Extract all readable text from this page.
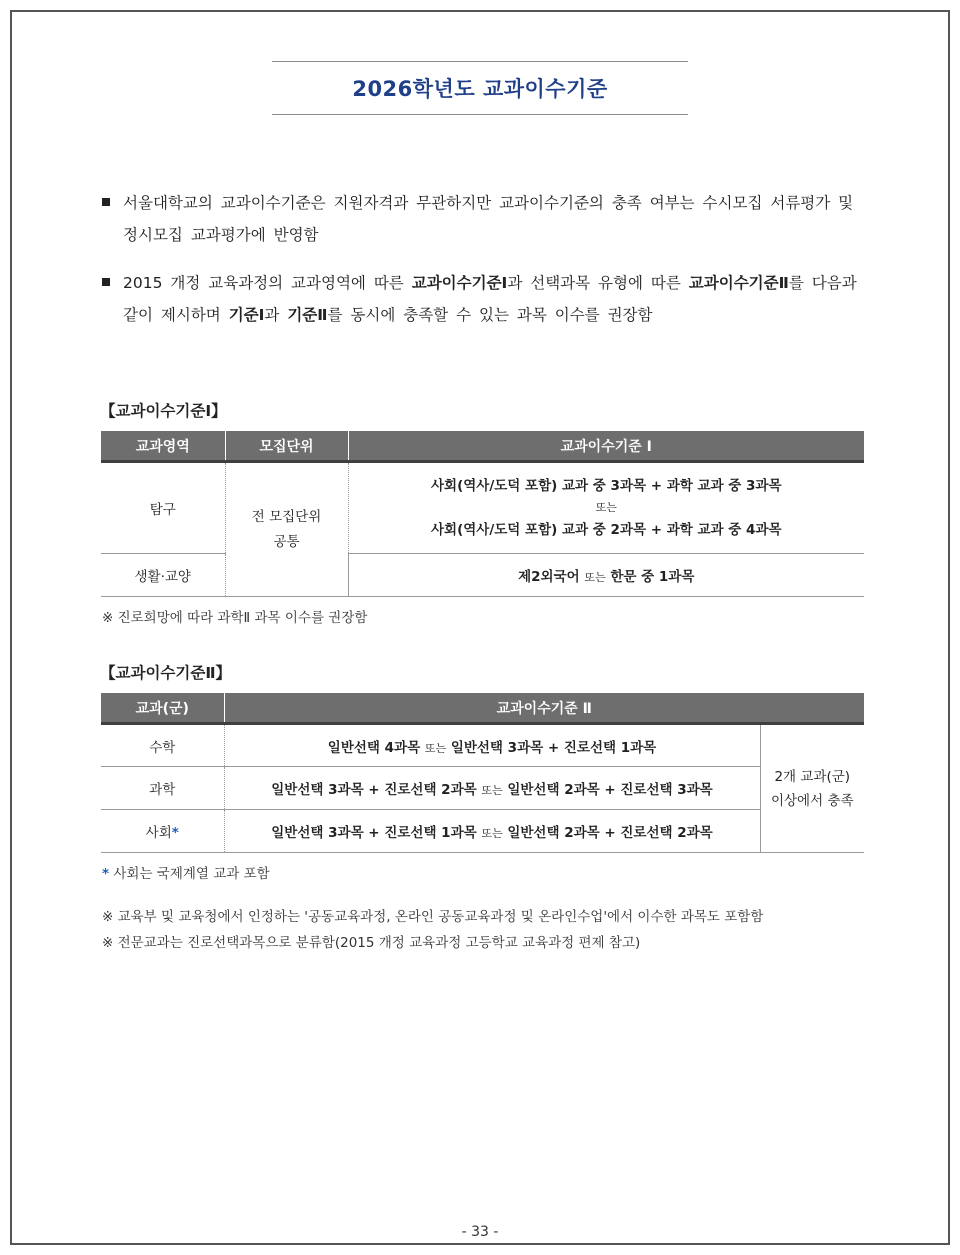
2026학년도 교과이수기준
서울대학교의 교과이수기준은 지원자격과 무관하지만 교과이수기준의 충족 여부는 수시모집 서류평가 및 정시모집 교과평가에 반영함
2015 개정 교육과정의 교과영역에 따른 교과이수기준Ⅰ과 선택과목 유형에 따른 교과이수기준Ⅱ를 다음과 같이 제시하며 기준Ⅰ과 기준Ⅱ를 동시에 충족할 수 있는 과목 이수를 권장함
【교과이수기준Ⅰ】
교과영역	모집단위	교과이수기준 Ⅰ
탐구	전 모집단위 공통	사회(역사/도덕 포함) 교과 중 3과목 + 과학 교과 중 3과목
또는
사회(역사/도덕 포함) 교과 중 2과목 + 과학 교과 중 4과목

생활·교양		제2외국어 또는 한문 중 1과목
※ 진로희망에 따라 과학Ⅱ 과목 이수를 권장함
【교과이수기준Ⅱ】
교과(군)	교과이수기준 Ⅱ	
수학	일반선택 4과목 또는 일반선택 3과목 + 진로선택 1과목	2개 교과(군) 이상에서 충족

과학	일반선택 3과목 + 진로선택 2과목 또는 일반선택 2과목 + 진로선택 3과목	
사회*	일반선택 3과목 + 진로선택 1과목 또는 일반선택 2과목 + 진로선택 2과목	
* 사회는 국제계열 교과 포함
※ 교육부 및 교육청에서 인정하는 '공동교육과정, 온라인 공동교육과정 및 온라인수업'에서 이수한 과목도 포함함
※ 전문교과는 진로선택과목으로 분류함(2015 개정 교육과정 고등학교 교육과정 편제 참고)
- 33 -
